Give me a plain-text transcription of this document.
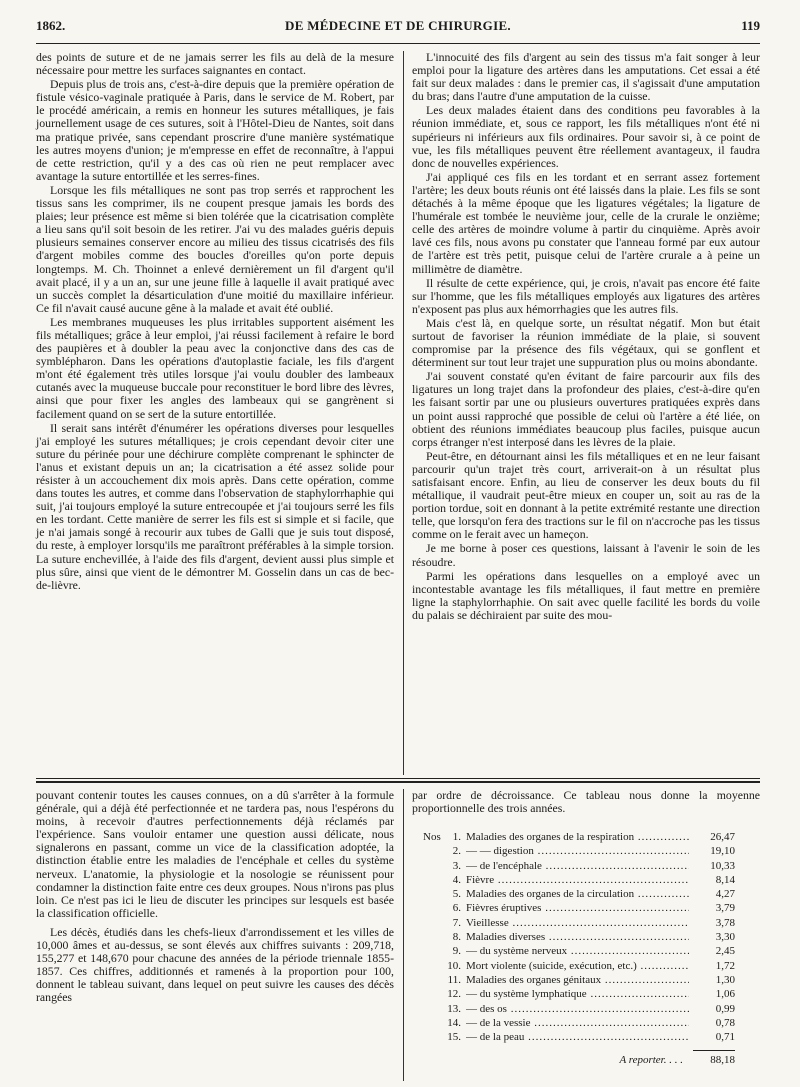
1862.	DE MÉDECINE ET DE CHIRURGIE.	119

des points de suture et de ne jamais serrer les fils au delà de la mesure nécessaire pour mettre les surfaces saignantes en contact.

Depuis plus de trois ans, c'est-à-dire depuis que la première opération de fistule vésico-vaginale pratiquée à Paris, dans le service de M. Robert, par le procédé américain, a remis en honneur les sutures métalliques, je fais journellement usage de ces sutures, soit à l'Hôtel-Dieu de Nantes, soit dans ma pratique privée, sans cependant proscrire d'une manière systématique les autres moyens d'union; je m'empresse en effet de reconnaître, à l'appui de cette restriction, qu'il y a des cas où rien ne peut remplacer avec avantage la suture entortillée et les serres-fines.

Lorsque les fils métalliques ne sont pas trop serrés et rapprochent les tissus sans les comprimer, ils ne coupent presque jamais les bords des plaies; leur présence est même si bien tolérée que la cicatrisation complète a lieu sans qu'il soit besoin de les retirer. J'ai vu des malades guéris depuis plusieurs semaines conserver encore au milieu des tissus cicatrisés des fils d'argent mobiles comme des boucles d'oreilles qu'on porte depuis longtemps. M. Ch. Thoinnet a enlevé dernièrement un fil d'argent qu'il avait placé, il y a un an, sur une jeune fille à laquelle il avait pratiqué avec un succès complet la désarticulation d'une moitié du maxillaire inférieur. Ce fil n'avait causé aucune gêne à la malade et avait été oublié.

Les membranes muqueuses les plus irritables supportent aisément les fils métalliques; grâce à leur emploi, j'ai réussi facilement à refaire le bord des paupières et à doubler la peau avec la conjonctive dans des cas de symblépharon. Dans les opérations d'autoplastie faciale, les fils d'argent m'ont été également très utiles lorsque j'ai voulu doubler des lambeaux cutanés avec la muqueuse buccale pour reconstituer le bord libre des lèvres, ainsi que pour fixer les angles des lambeaux qui se gangrènent si facilement quand on se sert de la suture entortillée.

Il serait sans intérêt d'énumérer les opérations diverses pour lesquelles j'ai employé les sutures métalliques; je crois cependant devoir citer une suture du périnée pour une déchirure complète comprenant le sphincter de l'anus et existant depuis un an; la cicatrisation a été assez solide pour résister à un accouchement dix mois après. Dans cette opération, comme dans toutes les autres, et comme dans l'observation de staphylorrhaphie qui suit, j'ai toujours employé la suture entrecoupée et j'ai toujours serré les fils en les tordant. Cette manière de serrer les fils est si simple et si facile, que je n'ai jamais songé à recourir aux tubes de Galli que je suis tout disposé, du reste, à employer lorsqu'ils me paraîtront préférables à la simple torsion. La suture enchevillée, à l'aide des fils d'argent, devient aussi plus simple et plus sûre, ainsi que vient de le démontrer M. Gosselin dans un cas de bec-de-lièvre.

L'innocuité des fils d'argent au sein des tissus m'a fait songer à leur emploi pour la ligature des artères dans les amputations. Cet essai a été fait sur deux malades : dans le premier cas, il s'agissait d'une amputation du bras; dans l'autre d'une amputation de la cuisse.

Les deux malades étaient dans des conditions peu favorables à la réunion immédiate, et, sous ce rapport, les fils métalliques n'ont été ni supérieurs ni inférieurs aux fils ordinaires. Pour savoir si, à ce point de vue, les fils métalliques peuvent être réellement avantageux, il faudra donc de nouvelles expériences.

J'ai appliqué ces fils en les tordant et en serrant assez fortement l'artère; les deux bouts réunis ont été laissés dans la plaie. Les fils se sont détachés à la même époque que les ligatures végétales; la ligature de l'humérale est tombée le neuvième jour, celle de la crurale le onzième; celle des artères de moindre volume à partir du cinquième. Après avoir lavé ces fils, nous avons pu constater que l'anneau formé par eux autour de l'artère est très petit, puisque celui de l'artère crurale a à peine un millimètre de diamètre.

Il résulte de cette expérience, qui, je crois, n'avait pas encore été faite sur l'homme, que les fils métalliques employés aux ligatures des artères n'exposent pas plus aux hémorrhagies que les autres fils.

Mais c'est là, en quelque sorte, un résultat négatif. Mon but était surtout de favoriser la réunion immédiate de la plaie, si souvent compromise par la présence des fils végétaux, qui se gonflent et déterminent sur tout leur trajet une suppuration plus ou moins abondante.

J'ai souvent constaté qu'en évitant de faire parcourir aux fils des ligatures un long trajet dans la profondeur des plaies, c'est-à-dire qu'en les faisant sortir par une ou plusieurs ouvertures pratiquées exprès dans un point aussi rapproché que possible de celui où l'artère a été liée, on obtient des réunions immédiates beaucoup plus faciles, puisque aucun corps étranger n'est interposé dans les lèvres de la plaie.

Peut-être, en détournant ainsi les fils métalliques et en ne leur faisant parcourir qu'un trajet très court, arriverait-on à un résultat plus satisfaisant encore. Enfin, au lieu de conserver les deux bouts du fil métallique, il vaudrait peut-être mieux en couper un, soit au ras de la portion tordue, soit en donnant à la petite extrémité restante une direction telle, que lorsqu'on fera des tractions sur le fil on n'accroche pas les tissus comme on le ferait avec un hameçon.

Je me borne à poser ces questions, laissant à l'avenir le soin de les résoudre.

Parmi les opérations dans lesquelles on a employé avec un incontestable avantage les fils métalliques, il faut mettre en première ligne la staphylorrhaphie. On sait avec quelle facilité les bords du voile du palais se déchiraient par suite des mou-

pouvant contenir toutes les causes connues, on a dû s'arrêter à la formule générale, qui a déjà été perfectionnée et ne tardera pas, nous l'espérons du moins, à recevoir d'autres perfectionnements déjà réclamés par l'expérience. Sans vouloir entamer une question aussi délicate, nous signalerons en passant, comme un vice de la classification adoptée, la distinction établie entre les maladies de l'encéphale et celles du système nerveux. L'anatomie, la physiologie et la nosologie se réunissent pour condamner la distinction faite entre ces deux groupes. Nous n'irons pas plus loin. Ce n'est pas ici le lieu de discuter les principes sur lesquels est basée la classification officielle.

Les décès, étudiés dans les chefs-lieux d'arrondissement et les villes de 10,000 âmes et au-dessus, se sont élevés aux chiffres suivants : 209,718, 155,277 et 148,670 pour chacune des années de la période triennale 1855-1857. Ces chiffres, additionnés et ramenés à la proportion pour 100, donnent le tableau suivant, dans lequel on peut suivre les causes des décès rangées

par ordre de décroissance. Ce tableau nous donne la moyenne proportionnelle des trois années.

Nos	1. Maladies des organes de la respiration .....	26,47
2. — — digestion .....	19,10
3. — de l'encéphale .....	10,33
4. Fièvre .....	8,14
5. Maladies des organes de la circulation .....	4,27
6. Fièvres éruptives .....	3,79
7. Vieillesse .....	3,78
8. Maladies diverses .....	3,30
9. — du système nerveux .....	2,45
10. Mort violente (suicide, exécution, etc.) .....	1,72
11. Maladies des organes génitaux .....	1,30
12. — du système lymphatique .....	1,06
13. — des os .....	0,99
14. — de la vessie .....	0,78
15. — de la peau .....	0,71
A reporter. . . .	88,18
